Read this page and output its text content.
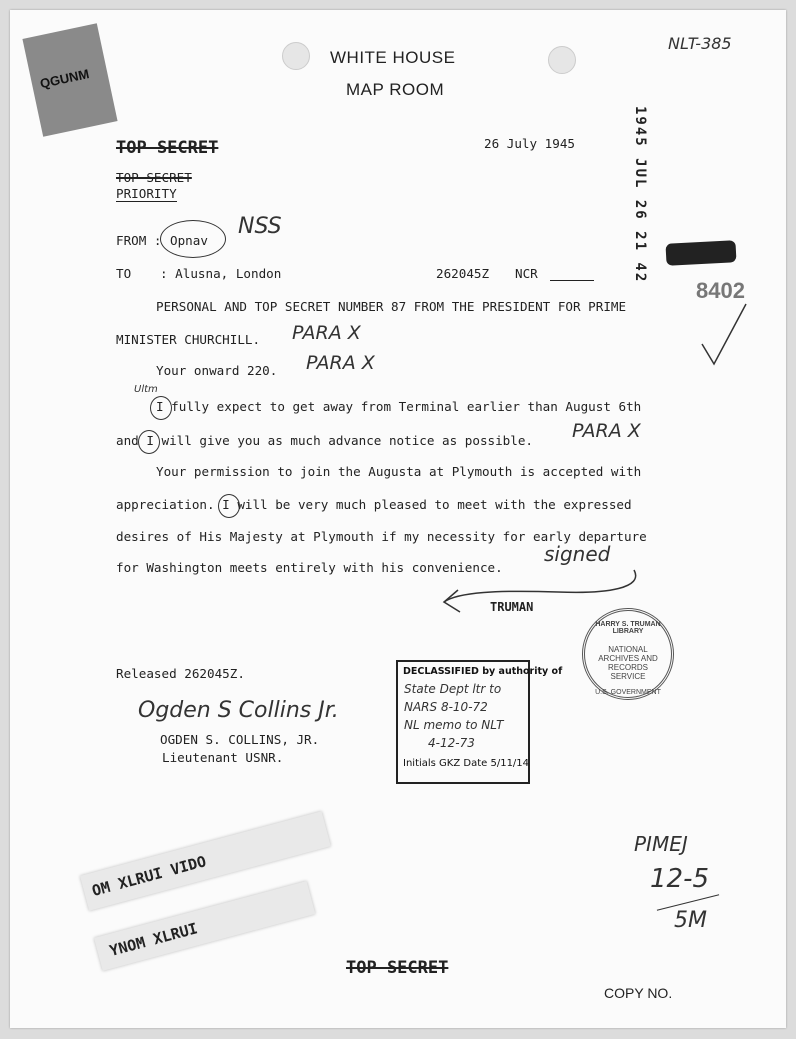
NLT-385
QGUNM
WHITE HOUSE
MAP ROOM
TOP SECRET	26 July 1945	1945 JUL 26 21 42
TOP SECRET
PRIORITY
FROM : Opnav
NSS
TO : Alusna, London	262045Z NCR
8402
PERSONAL AND TOP SECRET NUMBER 87 FROM THE PRESIDENT FOR PRIME
MINISTER CHURCHILL. PARA X
Your onward 220. PARA X
Ultm
I fully expect to get away from Terminal earlier than August 6th
and I will give you as much advance notice as possible. PARA X
Your permission to join the Augusta at Plymouth is accepted with
appreciation. I will be very much pleased to meet with the expressed
desires of His Majesty at Plymouth if my necessity for early departure
for Washington meets entirely with his convenience.
signed
TRUMAN
HARRY S. TRUMAN LIBRARY
NATIONAL ARCHIVES AND RECORDS SERVICE
U.S. GOVERNMENT
Released 262045Z.
Ogden S Collins Jr.
OGDEN S. COLLINS, JR.
Lieutenant USNR.
DECLASSIFIED by authority of
State Dept ltr to
NARS 8-10-72
NL memo to NLT
4-12-73
Initials GKZ Date 5/11/14
OM XLRUI VIDO
YNOM XLRUI
PIMEJ
12-5
5M
TOP SECRET
COPY NO.
